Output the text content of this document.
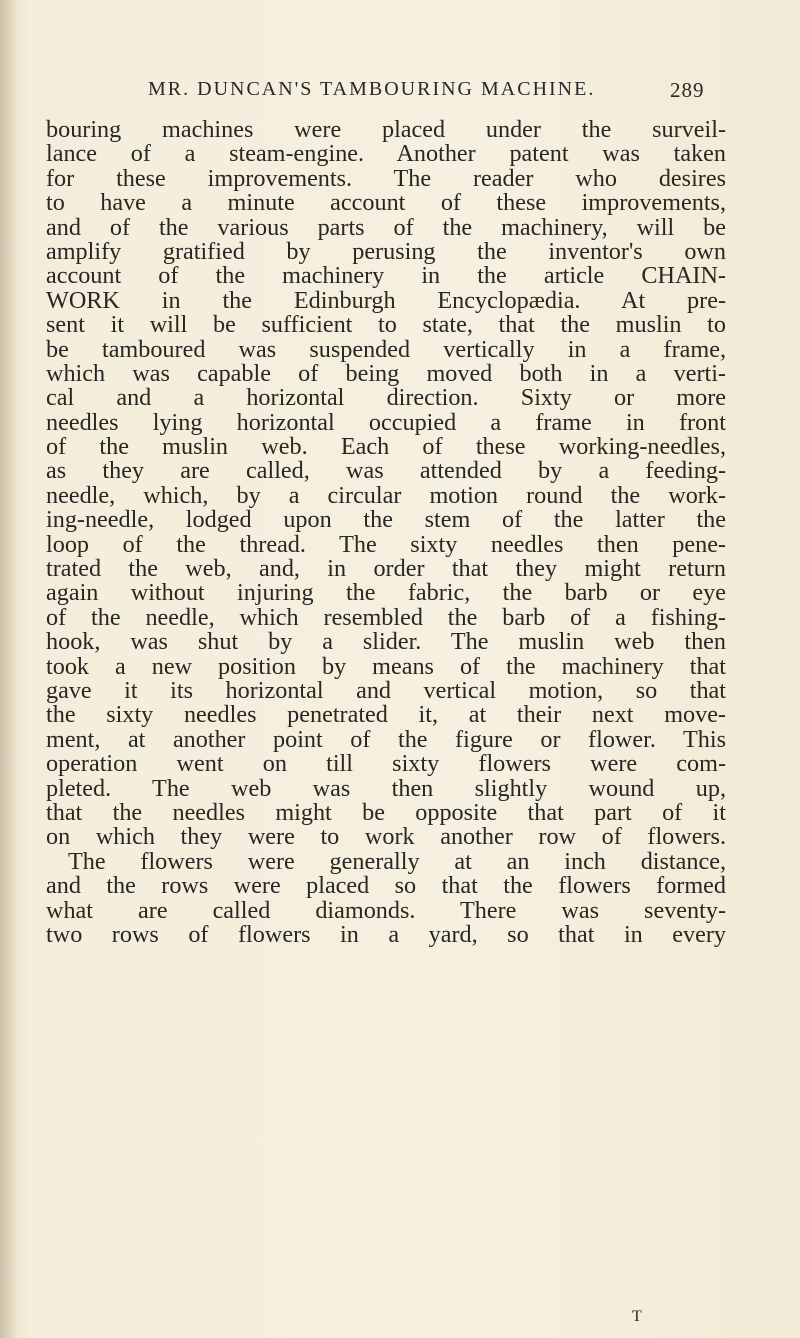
MR. DUNCAN'S TAMBOURING MACHINE.	289
bouring machines were placed under the surveil-
lance of a steam-engine. Another patent was taken
for these improvements. The reader who desires
to have a minute account of these improvements,
and of the various parts of the machinery, will be
amplify gratified by perusing the inventor's own
account of the machinery in the article CHAIN-
WORK in the Edinburgh Encyclopædia. At pre-
sent it will be sufficient to state, that the muslin to
be tamboured was suspended vertically in a frame,
which was capable of being moved both in a verti-
cal and a horizontal direction. Sixty or more
needles lying horizontal occupied a frame in front
of the muslin web. Each of these working-needles,
as they are called, was attended by a feeding-
needle, which, by a circular motion round the work-
ing-needle, lodged upon the stem of the latter the
loop of the thread. The sixty needles then pene-
trated the web, and, in order that they might return
again without injuring the fabric, the barb or eye
of the needle, which resembled the barb of a fishing-
hook, was shut by a slider. The muslin web then
took a new position by means of the machinery that
gave it its horizontal and vertical motion, so that
the sixty needles penetrated it, at their next move-
ment, at another point of the figure or flower. This
operation went on till sixty flowers were com-
pleted. The web was then slightly wound up,
that the needles might be opposite that part of it
on which they were to work another row of flowers.
The flowers were generally at an inch distance,
and the rows were placed so that the flowers formed
what are called diamonds. There was seventy-
two rows of flowers in a yard, so that in every
T
